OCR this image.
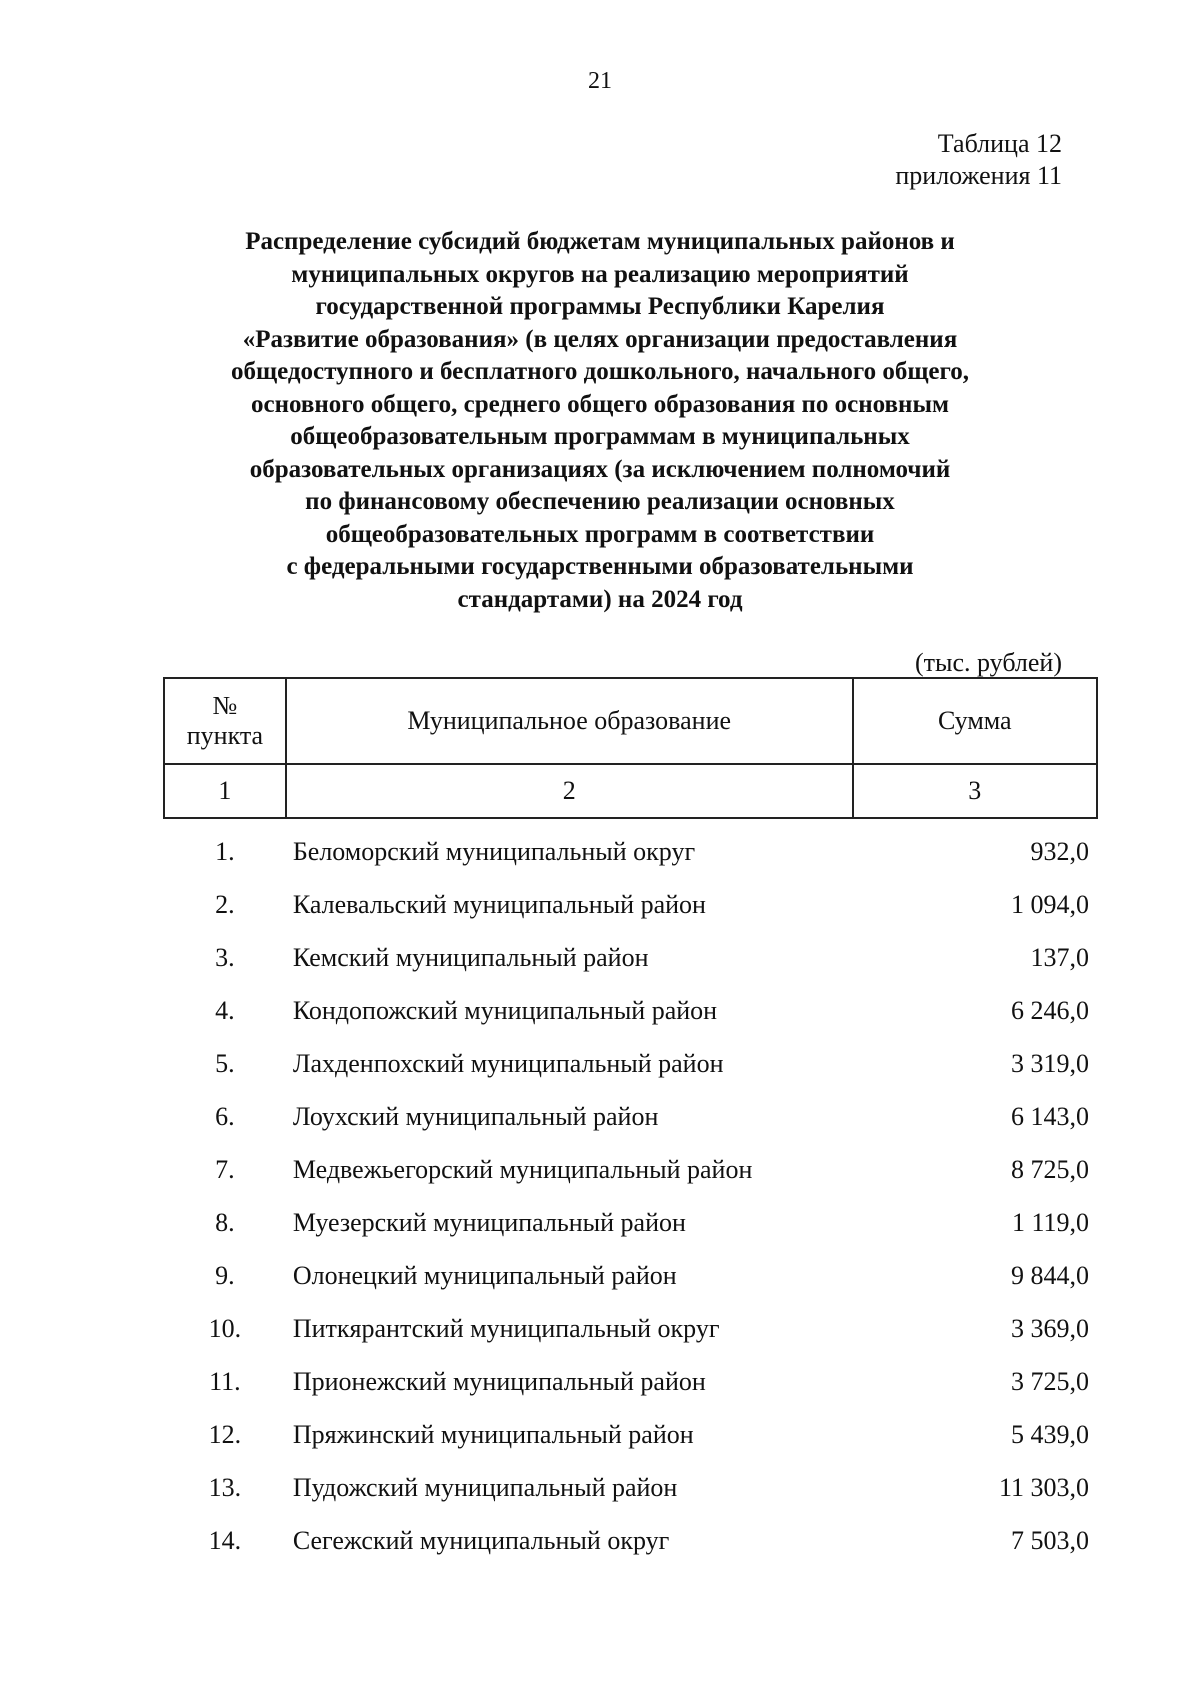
21
Таблица 12
приложения 11
Распределение субсидий бюджетам муниципальных районов и
муниципальных округов на реализацию мероприятий
государственной программы Республики Карелия
«Развитие образования» (в целях организации предоставления
общедоступного и бесплатного дошкольного, начального общего,
основного общего, среднего общего образования по основным
общеобразовательным программам в муниципальных
образовательных организациях (за исключением полномочий
по финансовому обеспечению реализации основных
общеобразовательных программ в соответствии
с федеральными государственными образовательными
стандартами) на 2024 год
(тыс. рублей)
№
пункта	Муниципальное образование	Сумма
1	2	3
1.	Беломорский муниципальный округ	932,0
2.	Калевальский муниципальный район	1 094,0
3.	Кемский муниципальный район	137,0
4.	Кондопожский муниципальный район	6 246,0
5.	Лахденпохский муниципальный район	3 319,0
6.	Лоухский муниципальный район	6 143,0
7.	Медвежьегорский муниципальный район	8 725,0
8.	Муезерский муниципальный район	1 119,0
9.	Олонецкий муниципальный район	9 844,0
10.	Питкярантский муниципальный округ	3 369,0
11.	Прионежский муниципальный район	3 725,0
12.	Пряжинский муниципальный район	5 439,0
13.	Пудожский муниципальный район	11 303,0
14.	Сегежский муниципальный округ	7 503,0
